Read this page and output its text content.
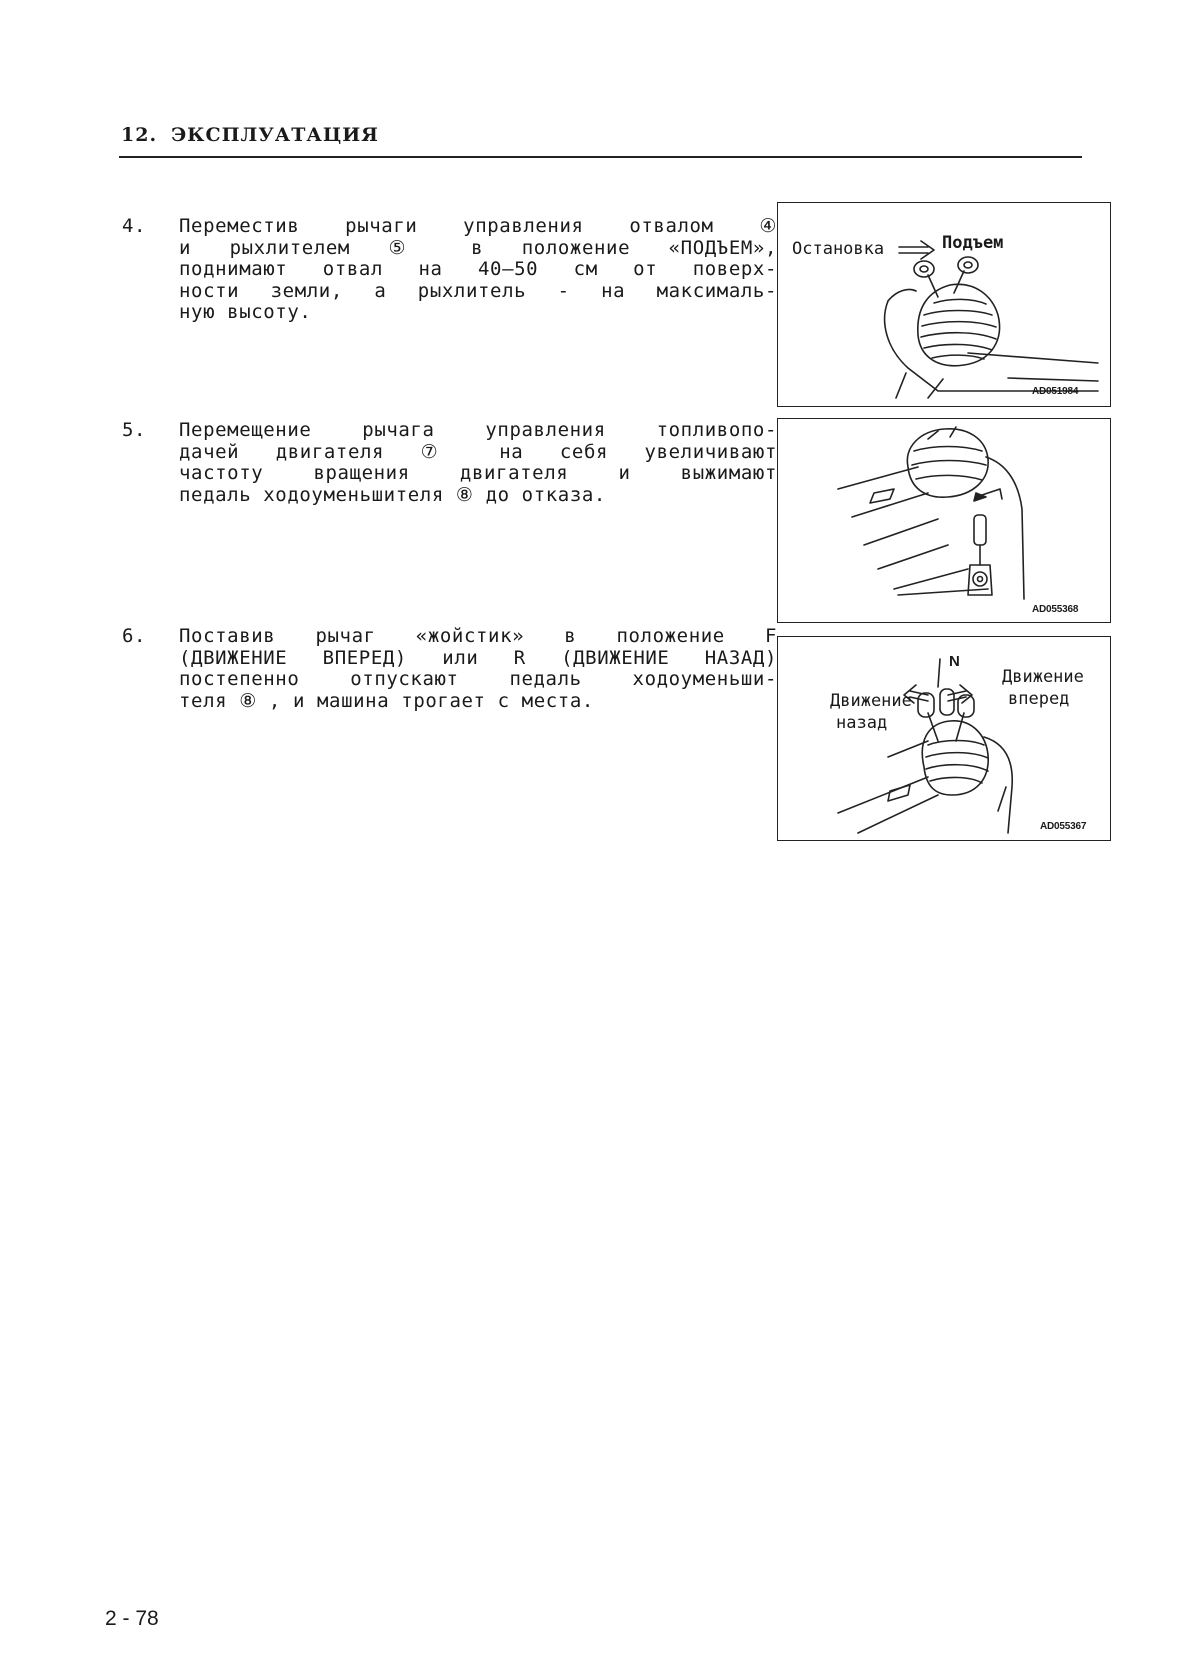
12. ЭКСПЛУАТАЦИЯ
4. Переместив рычаги управления отвалом ④
и рыхлителем ⑤ в положение «ПОДЪЕМ»,
поднимают отвал на 40—50 см от поверх-
ности земли, а рыхлитель - на максималь-
ную высоту.
5. Перемещение рычага управления топливопо-
дачей двигателя ⑦ на себя увеличивают
частоту вращения двигателя и выжимают
педаль ходоуменьшителя ⑧ до отказа.
6. Поставив рычаг «жойстик» в положение F
(ДВИЖЕНИЕ ВПЕРЕД) или R (ДВИЖЕНИЕ НАЗАД)
постепенно отпускают педаль ходоуменьши-
теля ⑧ , и машина трогает с места.
Остановка	Подъем
AD051984
AD055368
N
Движение
вперед
Движение
назад
AD055367
2 - 78
